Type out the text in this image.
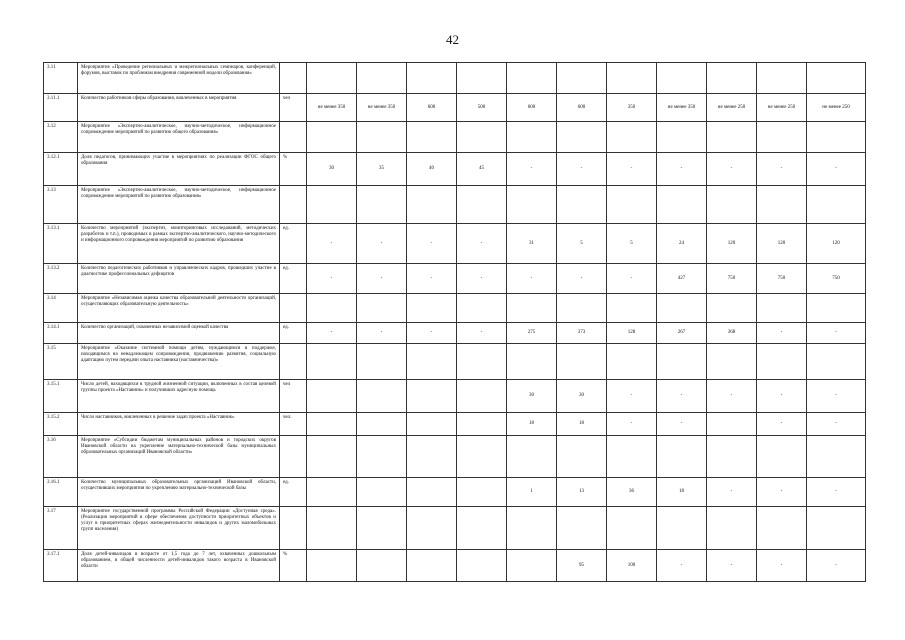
42
3.11	Мероприятие «Проведение региональных и межрегиональных семинаров, конференций, форумов, выставок по проблемам внедрения современной модели образования»												
3.11.1	Количество работников сферы образования, вовлеченных в мероприятия	чел	не менее 350	не менее 350	600	500	600	600	350	не менее 350	не менее 250	не менее 250	не менее 250
3.12	Мероприятие «Экспертно-аналитическое, научно-методическое, информационное сопровождение мероприятий по развитию общего образования»												
3.12.1	Доля педагогов, принимающих участие в мероприятиях по реализации ФГОС общего образования	%	30	35	40	45	-	-	-	-	-	-	-
3.13	Мероприятие «Экспертно-аналитическое, научно-методическое, информационное сопровождение мероприятий по развитию образования»												
3.13.1	Количество мероприятий (экспертиз, мониторинговых исследований, методических разработок и т.п.), проводимых в рамках экспертно-аналитического, научно-методического и информационного сопровождения мероприятий по развитию образования	ед.	-	-	-	-	31	5	5	24	120	120	120
3.13.2	Количество педагогических работников и управленческих кадров, прошедших участие в диагностике профессиональных дефицитов	ед.	-	-	-	-	-	-	-	427	750	750	750
3.14	Мероприятие «Независимая оценка качества образовательной деятельности организаций, осуществляющих образовательную деятельность»												
3.14.1	Количество организаций, охваченных независимой оценкой качества	ед.	-	-	-	-	275	373	128	267	368	-	-
3.15	Мероприятие «Оказание системной помощи детям, нуждающимся в поддержке, находящимся на ненадлежащем сопровождении, продвижению развития, социальную адаптацию путем передачи опыта наставника (наставничества)»												
3.15.1	Число детей, находящихся в трудной жизненной ситуации, включенных в состав целевой группы проекта «Наставник» и получивших адресную помощь	чел					30	30	-	-	-	-	-
3.15.2	Число наставников, вовлеченных в решение задач проекта «Наставник»	чел.					18	18	-	-		-	-
3.16	Мероприятие «Субсидии бюджетам муниципальных районов и городских округов Ивановской области на укрепление материально-технической базы муниципальных образовательных организаций Ивановской области»												
3.16.1	Количество муниципальных образовательных организаций Ивановской области, осуществивших мероприятия по укреплению материально-технической базы	ед.					1	13	36	18	-	-	-
3.17	Мероприятие государственной программы Российской Федерации «Доступная среда». (Реализация мероприятий в сфере обеспечения доступности приоритетных объектов и услуг в приоритетных сферах жизнедеятельности инвалидов и других маломобильных групп населения)												
3.17.1	Доля детей-инвалидов в возрасте от 1,5 года до 7 лет, охваченных дошкольным образованием, в общей численности детей-инвалидов такого возраста в Ивановской области	%						95	100	-	-	-	-
